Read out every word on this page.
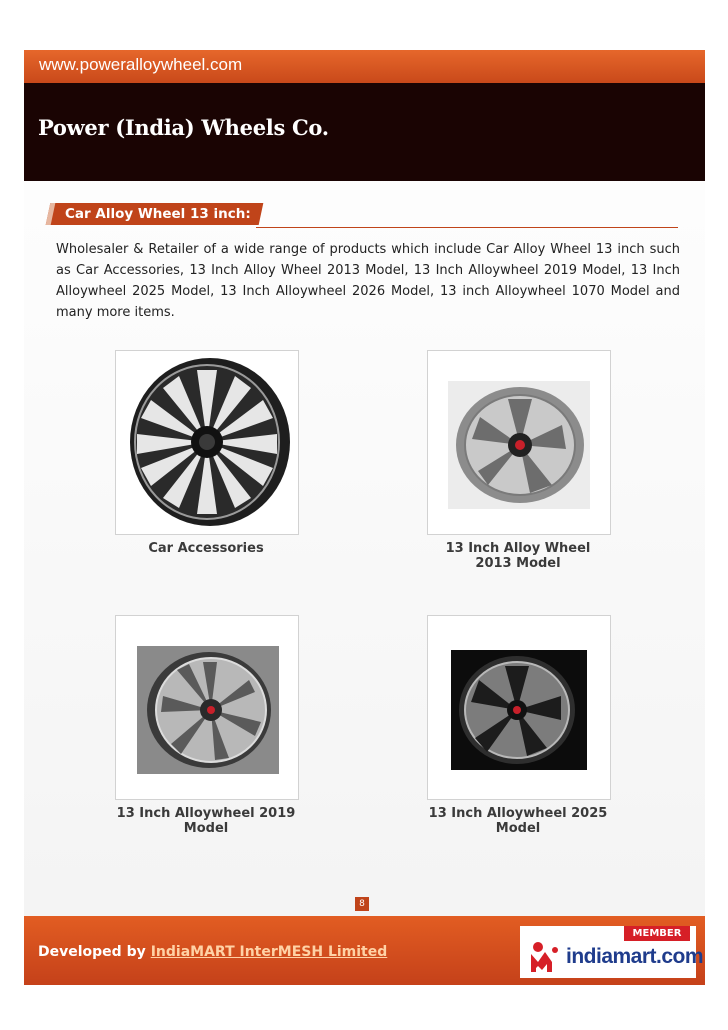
www.poweralloywheel.com
Power (India) Wheels Co.
Car Alloy Wheel 13 inch:
Wholesaler & Retailer of a wide range of products which include Car Alloy Wheel 13 inch such as Car Accessories, 13 Inch Alloy Wheel 2013 Model, 13 Inch Alloywheel 2019 Model, 13 Inch Alloywheel 2025 Model, 13 Inch Alloywheel 2026 Model, 13 inch Alloywheel 1070 Model and many more items.
Car Accessories	13 Inch Alloy Wheel 2013 Model
13 Inch Alloywheel 2019 Model
13 Inch Alloywheel 2025 Model
8
Developed by IndiaMART InterMESH Limited
MEMBER
indiamart.com
